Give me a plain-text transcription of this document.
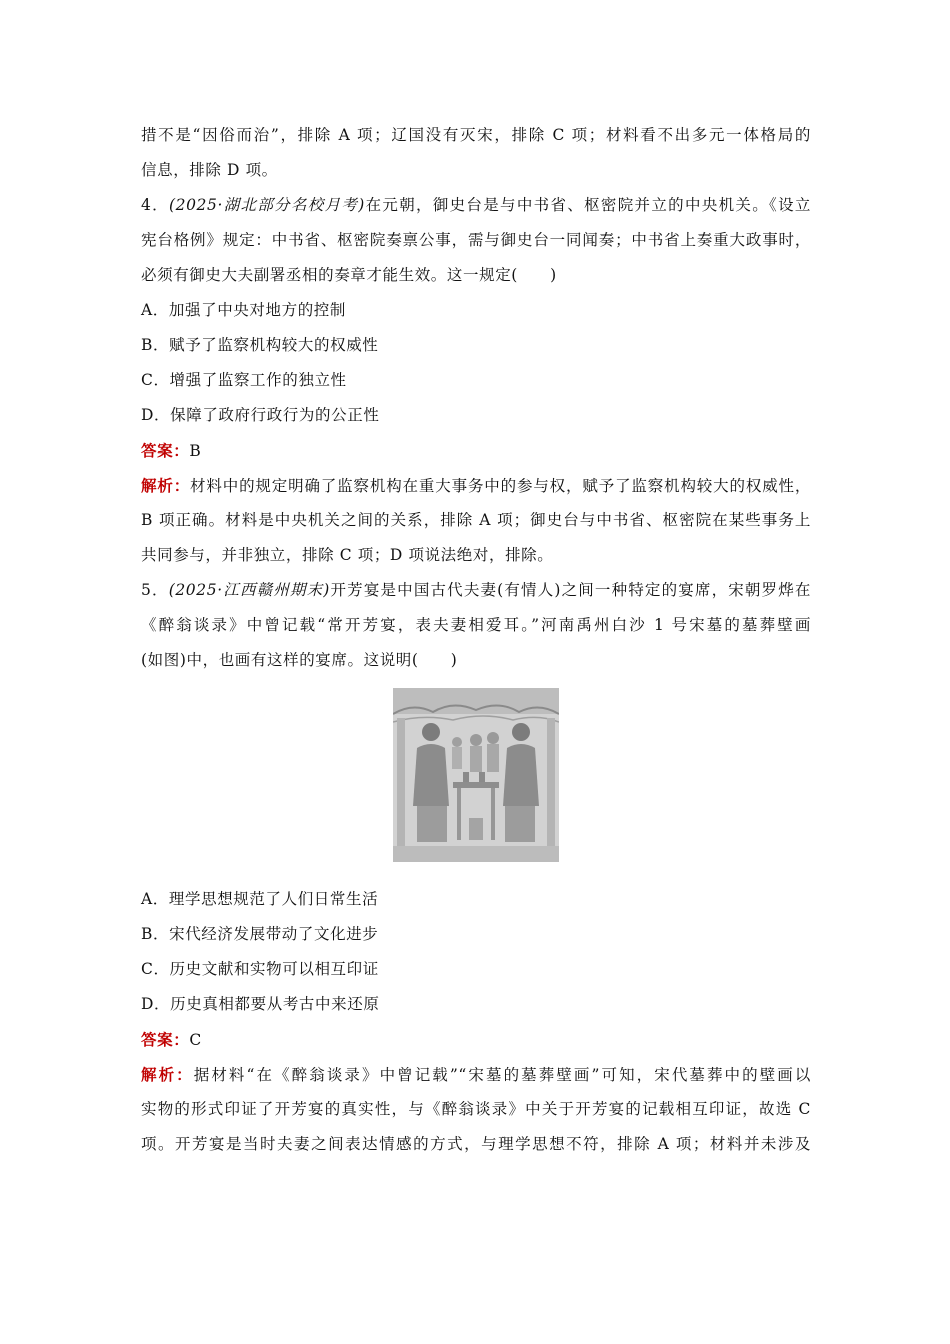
措不是“因俗而治”，排除 A 项；辽国没有灭宋，排除 C 项；材料看不出多元一体格局的
信息，排除 D 项。
4．(2025·湖北部分名校月考)在元朝，御史台是与中书省、枢密院并立的中央机关。《设立
宪台格例》规定：中书省、枢密院奏禀公事，需与御史台一同闻奏；中书省上奏重大政事时，
必须有御史大夫副署丞相的奏章才能生效。这一规定(　　)
A．加强了中央对地方的控制
B．赋予了监察机构较大的权威性
C．增强了监察工作的独立性
D．保障了政府行政行为的公正性
答案：B
解析：材料中的规定明确了监察机构在重大事务中的参与权，赋予了监察机构较大的权威性，
B 项正确。材料是中央机关之间的关系，排除 A 项；御史台与中书省、枢密院在某些事务上
共同参与，并非独立，排除 C 项；D 项说法绝对，排除。
5．(2025·江西赣州期末)开芳宴是中国古代夫妻(有情人)之间一种特定的宴席，宋朝罗烨在
《醉翁谈录》中曾记载“常开芳宴，表夫妻相爱耳。”河南禹州白沙 1 号宋墓的墓葬壁画
(如图)中，也画有这样的宴席。这说明(　　)
A．理学思想规范了人们日常生活
B．宋代经济发展带动了文化进步
C．历史文献和实物可以相互印证
D．历史真相都要从考古中来还原
答案：C
解析：据材料“在《醉翁谈录》中曾记载”“宋墓的墓葬壁画”可知，宋代墓葬中的壁画以
实物的形式印证了开芳宴的真实性，与《醉翁谈录》中关于开芳宴的记载相互印证，故选 C
项。开芳宴是当时夫妻之间表达情感的方式，与理学思想不符，排除 A 项；材料并未涉及
